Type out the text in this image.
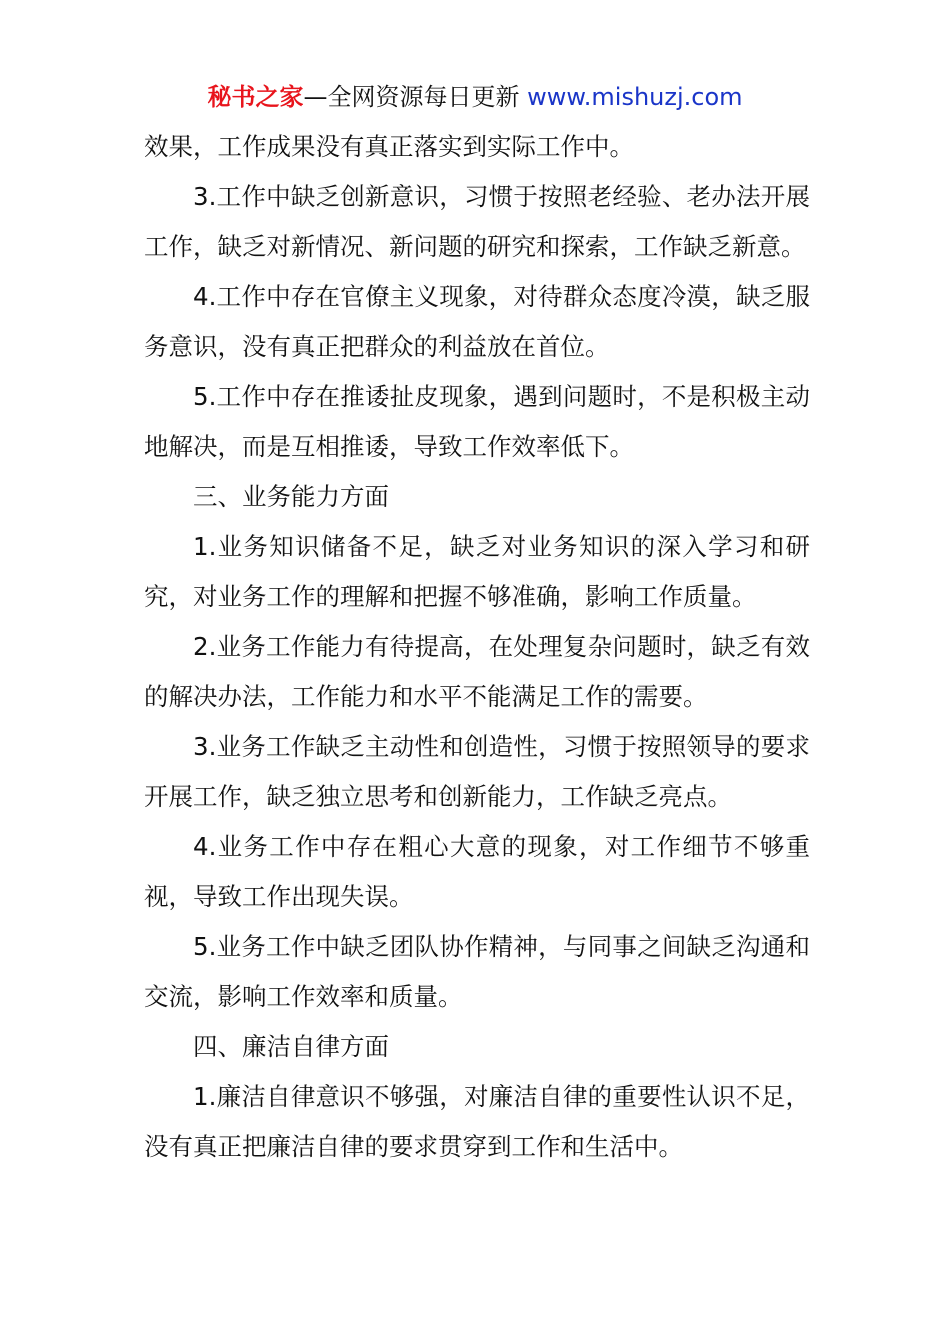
秘书之家—全网资源每日更新 www.mishuzj.com

效果，工作成果没有真正落实到实际工作中。

3.工作中缺乏创新意识，习惯于按照老经验、老办法开展工作，缺乏对新情况、新问题的研究和探索，工作缺乏新意。

4.工作中存在官僚主义现象，对待群众态度冷漠，缺乏服务意识，没有真正把群众的利益放在首位。

5.工作中存在推诿扯皮现象，遇到问题时，不是积极主动地解决，而是互相推诿，导致工作效率低下。

三、业务能力方面

1.业务知识储备不足，缺乏对业务知识的深入学习和研究，对业务工作的理解和把握不够准确，影响工作质量。

2.业务工作能力有待提高，在处理复杂问题时，缺乏有效的解决办法，工作能力和水平不能满足工作的需要。

3.业务工作缺乏主动性和创造性，习惯于按照领导的要求开展工作，缺乏独立思考和创新能力，工作缺乏亮点。

4.业务工作中存在粗心大意的现象，对工作细节不够重视，导致工作出现失误。

5.业务工作中缺乏团队协作精神，与同事之间缺乏沟通和交流，影响工作效率和质量。

四、廉洁自律方面

1.廉洁自律意识不够强，对廉洁自律的重要性认识不足，没有真正把廉洁自律的要求贯穿到工作和生活中。
